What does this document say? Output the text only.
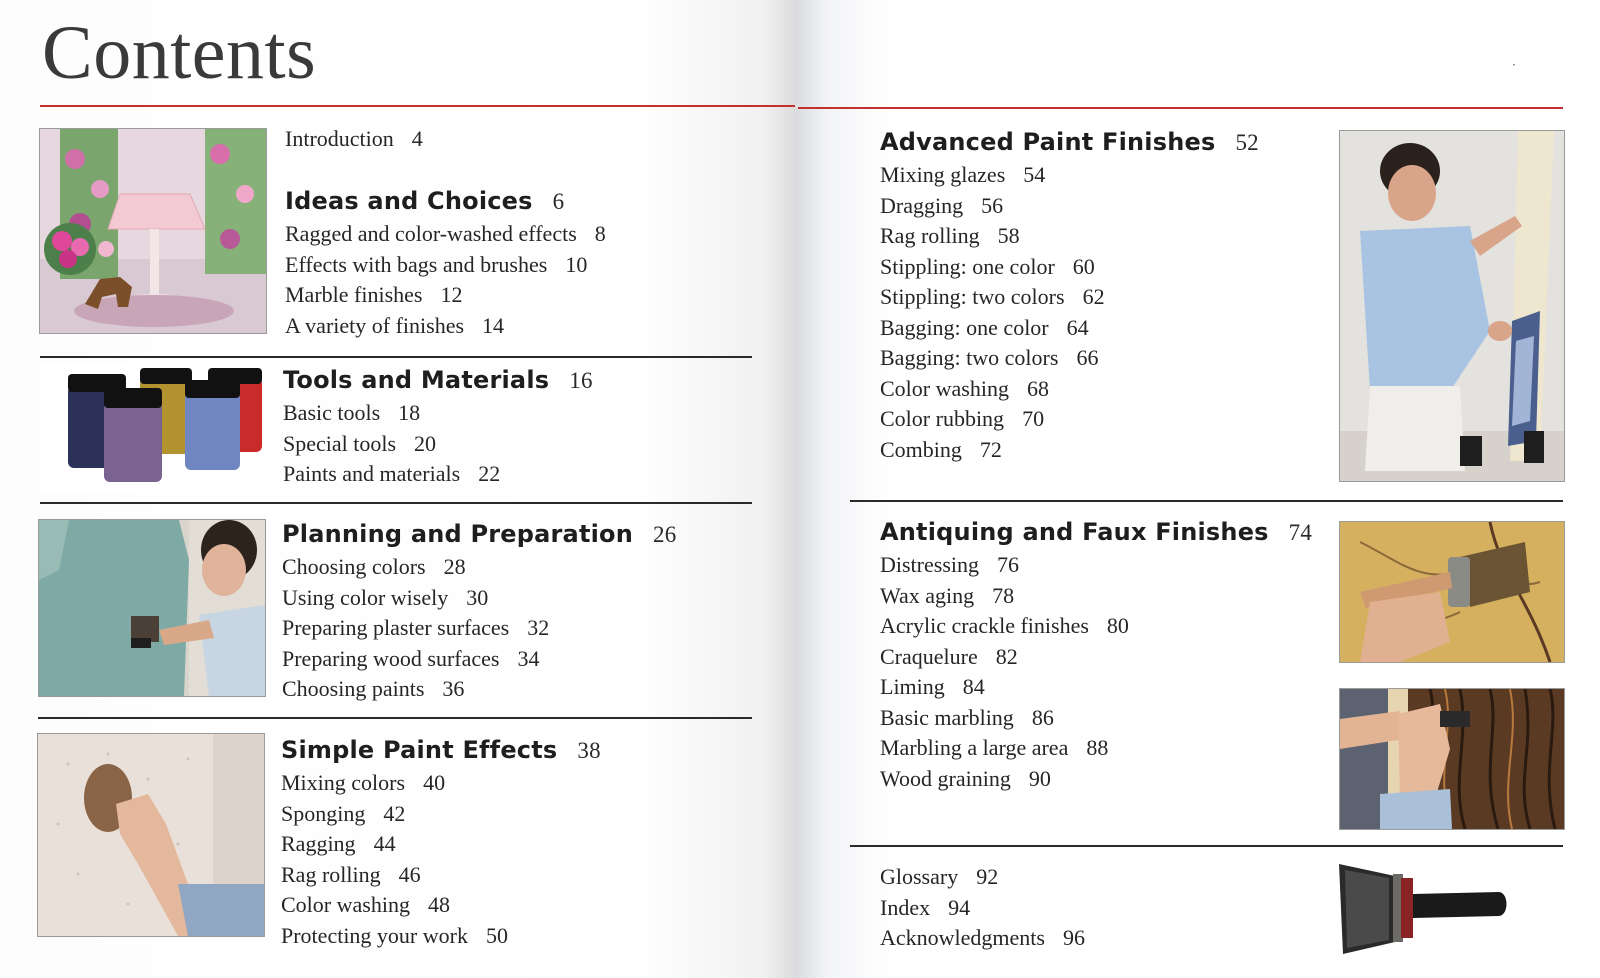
Contents	·
Introduction 4
Ideas and Choices 6
Ragged and color-washed effects 8
Effects with bags and brushes 10
Marble finishes 12
A variety of finishes 14
Tools and Materials 16
Basic tools 18
Special tools 20
Paints and materials 22
Planning and Preparation 26
Choosing colors 28
Using color wisely 30
Preparing plaster surfaces 32
Preparing wood surfaces 34
Choosing paints 36
Simple Paint Effects 38
Mixing colors 40
Sponging 42
Ragging 44
Rag rolling 46
Color washing 48
Protecting your work 50
Advanced Paint Finishes 52
Mixing glazes 54
Dragging 56
Rag rolling 58
Stippling: one color 60
Stippling: two colors 62
Bagging: one color 64
Bagging: two colors 66
Color washing 68
Color rubbing 70
Combing 72
Antiquing and Faux Finishes 74
Distressing 76
Wax aging 78
Acrylic crackle finishes 80
Craquelure 82
Liming 84
Basic marbling 86
Marbling a large area 88
Wood graining 90
Glossary 92
Index 94
Acknowledgments 96
